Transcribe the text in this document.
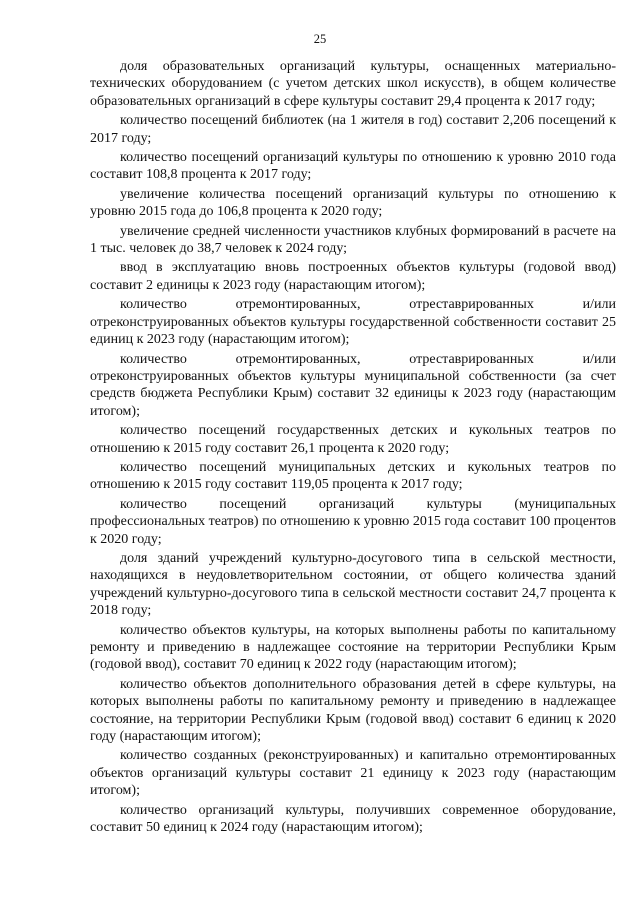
25

доля образовательных организаций культуры, оснащенных материально-технических оборудованием (с учетом детских школ искусств), в общем количестве образовательных организаций в сфере культуры составит 29,4 процента к 2017 году;

количество посещений библиотек (на 1 жителя в год) составит 2,206 посещений к 2017 году;

количество посещений организаций культуры по отношению к уровню 2010 года составит 108,8 процента к 2017 году;

увеличение количества посещений организаций культуры по отношению к уровню 2015 года до 106,8 процента к 2020 году;

увеличение средней численности участников клубных формирований в расчете на 1 тыс. человек до 38,7 человек к 2024 году;

ввод в эксплуатацию вновь построенных объектов культуры (годовой ввод) составит 2 единицы к 2023 году (нарастающим итогом);

количество отремонтированных, отреставрированных и/или отреконструированных объектов культуры государственной собственности составит 25 единиц к 2023 году (нарастающим итогом);

количество отремонтированных, отреставрированных и/или отреконструированных объектов культуры муниципальной собственности (за счет средств бюджета Республики Крым) составит 32 единицы к 2023 году (нарастающим итогом);

количество посещений государственных детских и кукольных театров по отношению к 2015 году составит 26,1 процента к 2020 году;

количество посещений муниципальных детских и кукольных театров по отношению к 2015 году составит 119,05 процента к 2017 году;

количество посещений организаций культуры (муниципальных профессиональных театров) по отношению к уровню 2015 года составит 100 процентов к 2020 году;

доля зданий учреждений культурно-досугового типа в сельской местности, находящихся в неудовлетворительном состоянии, от общего количества зданий учреждений культурно-досугового типа в сельской местности составит 24,7 процента к 2018 году;

количество объектов культуры, на которых выполнены работы по капитальному ремонту и приведению в надлежащее состояние на территории Республики Крым (годовой ввод), составит 70 единиц к 2022 году (нарастающим итогом);

количество объектов дополнительного образования детей в сфере культуры, на которых выполнены работы по капитальному ремонту и приведению в надлежащее состояние, на территории Республики Крым (годовой ввод) составит 6 единиц к 2020 году (нарастающим итогом);

количество созданных (реконструированных) и капитально отремонтированных объектов организаций культуры составит 21 единицу к 2023 году (нарастающим итогом);

количество организаций культуры, получивших современное оборудование, составит 50 единиц к 2024 году (нарастающим итогом);
